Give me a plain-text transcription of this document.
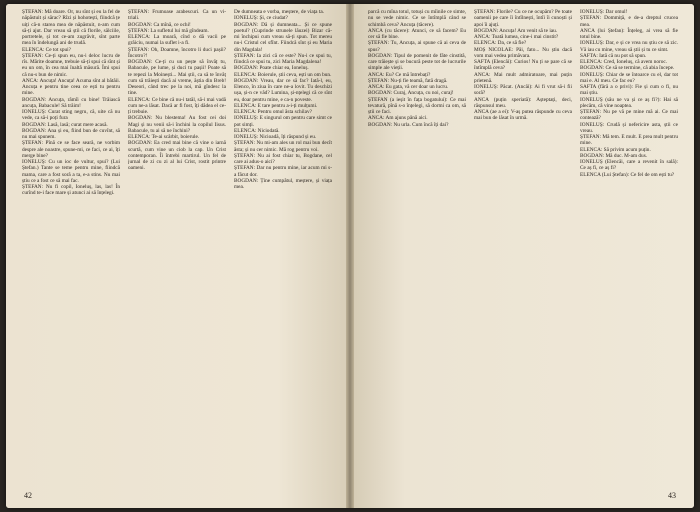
ȘTEFAN: Mă doare. Or, nu sînt și eu la fel de năpăstuit și sărac? Rîzi și hohotești, fiindcă țe uiți că-n starea mea de năpăstuit, n-am cum să-ți ajut. Dar vreau să știi că florile, sălciile, portretele, și tot ce-am zugrăvit, sînt parte mea în îndelungă ani de trudă.

ELENCA: Ce tot spui?

ȘTEFAN: Ce-ți spun eu, nu-i deloc lucru de rîs. Mărite doamne, trebuie să-ți spui că sînt și eu un om, în cea mai înaltă măsură. Îmi spui că nu-s bun de nimic.

ANCA: Ancuța! Ancuța! Acuma sînt al bătăii. Ancuța e pentru tine ceea ce ești tu pentru mine.

BOGDAN: Ancuța, rămîi cu bine! Trăiască ancuța, Babacule! Să trăim!

IONELUȘ: Curat sting negru, că, uite că nu vede, ca să-i poți fura

BOGDAN: Lasă, lasă; curat mere acasă.

BOGDAN: Ana și eu, fiind bun de cuvînt, să nu mai spunem.

ȘTEFAN: Pînă ce se face seară, ne vorbim despre ale noastre, spune-mi, ce faci, ce ai, îți merge bine?

IONELUȘ: Cu un ioc de vultur, spui? (Lui Ștefan.) Tante se teme pentru mine, fiindcă mama, care a fost soră a ta, e-a stins. Nu mai știu ce a fost ce să mai fac.

ȘTEFAN: Nu fi copil, Ioneluș, las, las! În curînd te-i face mare și atunci ai să înțelegi.

ȘTEFAN: Frumoase arabescuri. Ca un vi-triali.

BOGDAN: Ca mînă, ce ochi!

ȘTEFAN: La sufletul lui mă gîndeam.

ELENCA: La moară, cînd o dă vacii pe grăiciu, numai la suflet i-a fi.

ȘTEFAN: Oh, Doamne, încotro li duci pașii? Încotro?!

BOGDAN: Ce-ți cu un pește să învăț tu, Babacule, pe lume, și duci tu pașii! Poate să te repezi la Moinești... Mai știi, ca să te învăț cum să trăiești dacă ai vreme, ăștia din Breb! Deseori, când trec pe la noi, mă gîndesc la tine.

ELENCA: Ce bine că nu-i tatăl, să-i mai vadă cum ne-a lăsat. Dacă ar fi fost, îți dădea el ce-ți trebuie.

BOGDAN: Nu blestema! Au fost cei doi Magi și nu venii să-i închini la copilul Iisus. Babacule, tu ai să ne închini?

ELENCA: Te-ai scârbit, boierule.

BOGDAN: Ea cred mai bine că vine o iarnă scurtă, cum vine un ciob la cap. Un Crist contemporan. Îi întrebi martirul. Un fel de jurnal de zi cu zi al lui Crist, rostit printre oameni.

De dumneata e vorba, meștere, de viața ta.

IONELUȘ: Și, ce ciudat?

BOGDAN: Dă și dumneata... Și ce spune poetul? (Cuprinde strunele lăuzei) Bizar că-mi închipui cum vreau să-ți spun. Tot mereu nu-i Cristul cel sfînt. Fiindcă sînt și eu Maria din Magdala!

ȘTEFAN: Ia zici că ce este? Nu-i ce spui tu, fiindcă ce spui tu, zici Maria Magdalena!

BOGDAN: Poate chiar ea, Ioneluș.

ELENCA: Boierule, știi ceva, ești un om bun.

BOGDAN: Vreau, dar ce să fac? Iată-l, eu, Elenco, în ziua în care ne-a lovit. Tu deschizi ușa, și-n ce văd? Lumina, și-nțelegi că ce sînt eu, doar pentru mine, e ca-n poveste.

ELENCA: E tare pentru a-i-ți mulțumi.

ELENCA: Pentru omul ăsta schilav?

IONELUȘ: E singurul om pentru care simt ce pot simți.

ELENCA: Niciodată.

IONELUȘ: Nicioadă, îți răspund și eu.

ȘTEFAN: Nu mi-am ales un rol mai bun decît ăsta; și nu cer nimic. Mă rog pentru voi.

ȘTEFAN: Nu ai fost chiar tu, Bogdane, cel care ai adus-o aici?

ȘTEFAN: Dar nu pentru mine, iar acum mi s-a făcut dor.

BOGDAN: Ține cumpătul, meștere, și viața mea.

42

parcă cu mîna totul, totuși cu mîinile ce simte, nu se vede nimic. Ce se întîmplă când se schimbă ceva? Ancuța (tăcere).

ANCA (cu tăcere): Atunci, ce să facem? Eu cer să fie bine.

ȘTEFAN: Tu, Ancuța, ai spune că ai ceva de spus?

BOGDAN: Tipul de pomenit de făte cinstită, care trăiește și se bucură peste tot de lucrurile simple ale vieții.

ANCA: Eu? Ce mă întrebați?

ȘTEFAN: Nu-ți fie teamă, fată dragă.

ANCA: Eu gata, vă cer doar un lucru.

BOGDAN: Curaj, Ancuța, cu noi, curaj!

ȘTEFAN (a ieșit în fața bogatului): Ce mai tevatură, pînă s-o înțelegi, să dormi ca om, să știi ce faci.

ANCA: Am ajuns până aici.

BOGDAN: Nu urla. Cum încă îți dai?

ȘTEFAN: Florile? Cu ce ne ocupăm? Pe toate oamenii pe care îi întîlnești, întîi îi cunoști și apoi îi ajuți.

BOGDAN: Ancuța! Am venit să te iau.

ANCA: Toată lumea, cine-i mai cinstit?

ELENCA: Da, ce să fie?

MOȘ NICOLAE: Păi, fato... Nu știu dacă vom mai vedea primăvara.

SAFTA (Elencăi): Curios! Nu ți se pare că se întîmplă ceva?

ANCA: Mai mult admiratoare, mai puțin prietenă.

IONELUȘ: Păcat. (Ancăi): Ai fi vrut să-i fii soră?

ANCA (puțin speriată): Așteptați, deci, răspunsul meu.

ANCA (ae a ei): V-aș putea răspunde cu ceva mai bun de lăsat în urmă.

IONELUȘ: Dar omul!

ȘTEFAN: Dommiță, e de-a dreptul crucea mea.

ANCA (lui Ștefan): Înțeleg, ai vrea să fie totul bine.

IONELUȘ: Dar, e și ce vrea nu știu ce să zic. Vă iau cu mine, vreau să știi și tu ce simt.

SAFTA: Iată că nu pot să spun.

ELENCA: Cred, Ioneluș, că avem noroc.

BOGDAN: Ce să se termine, că abia începe.

IONELUȘ: Chiar de se întoarce cu el, dar tot mai e. Al meu. Ce fac eu?

SAFTA (fără a o privi): Fie și cum o fi, nu mai știu.

IONELUȘ (său ne va și ce aș fi?): Hai să plecăm, că vine noaptea.

ȘTEFAN: Nu pe vă pe mine mă ai. Ce mai contează?

IONELUȘ: Crudă și nefericire asta, știi ce vreau.

ȘTEFAN: Mă tem. E mult. E prea mult pentru mine.

ELENCA: Să privim acum puțin.

BOGDAN: Mă duc. M-am dus.

IONELUȘ (Elencăi, care a revenit în sală): Ce aș fi, ce aș fi?

ELENCA (Lui Ștefan): Ce fel de om ești tu?

43
